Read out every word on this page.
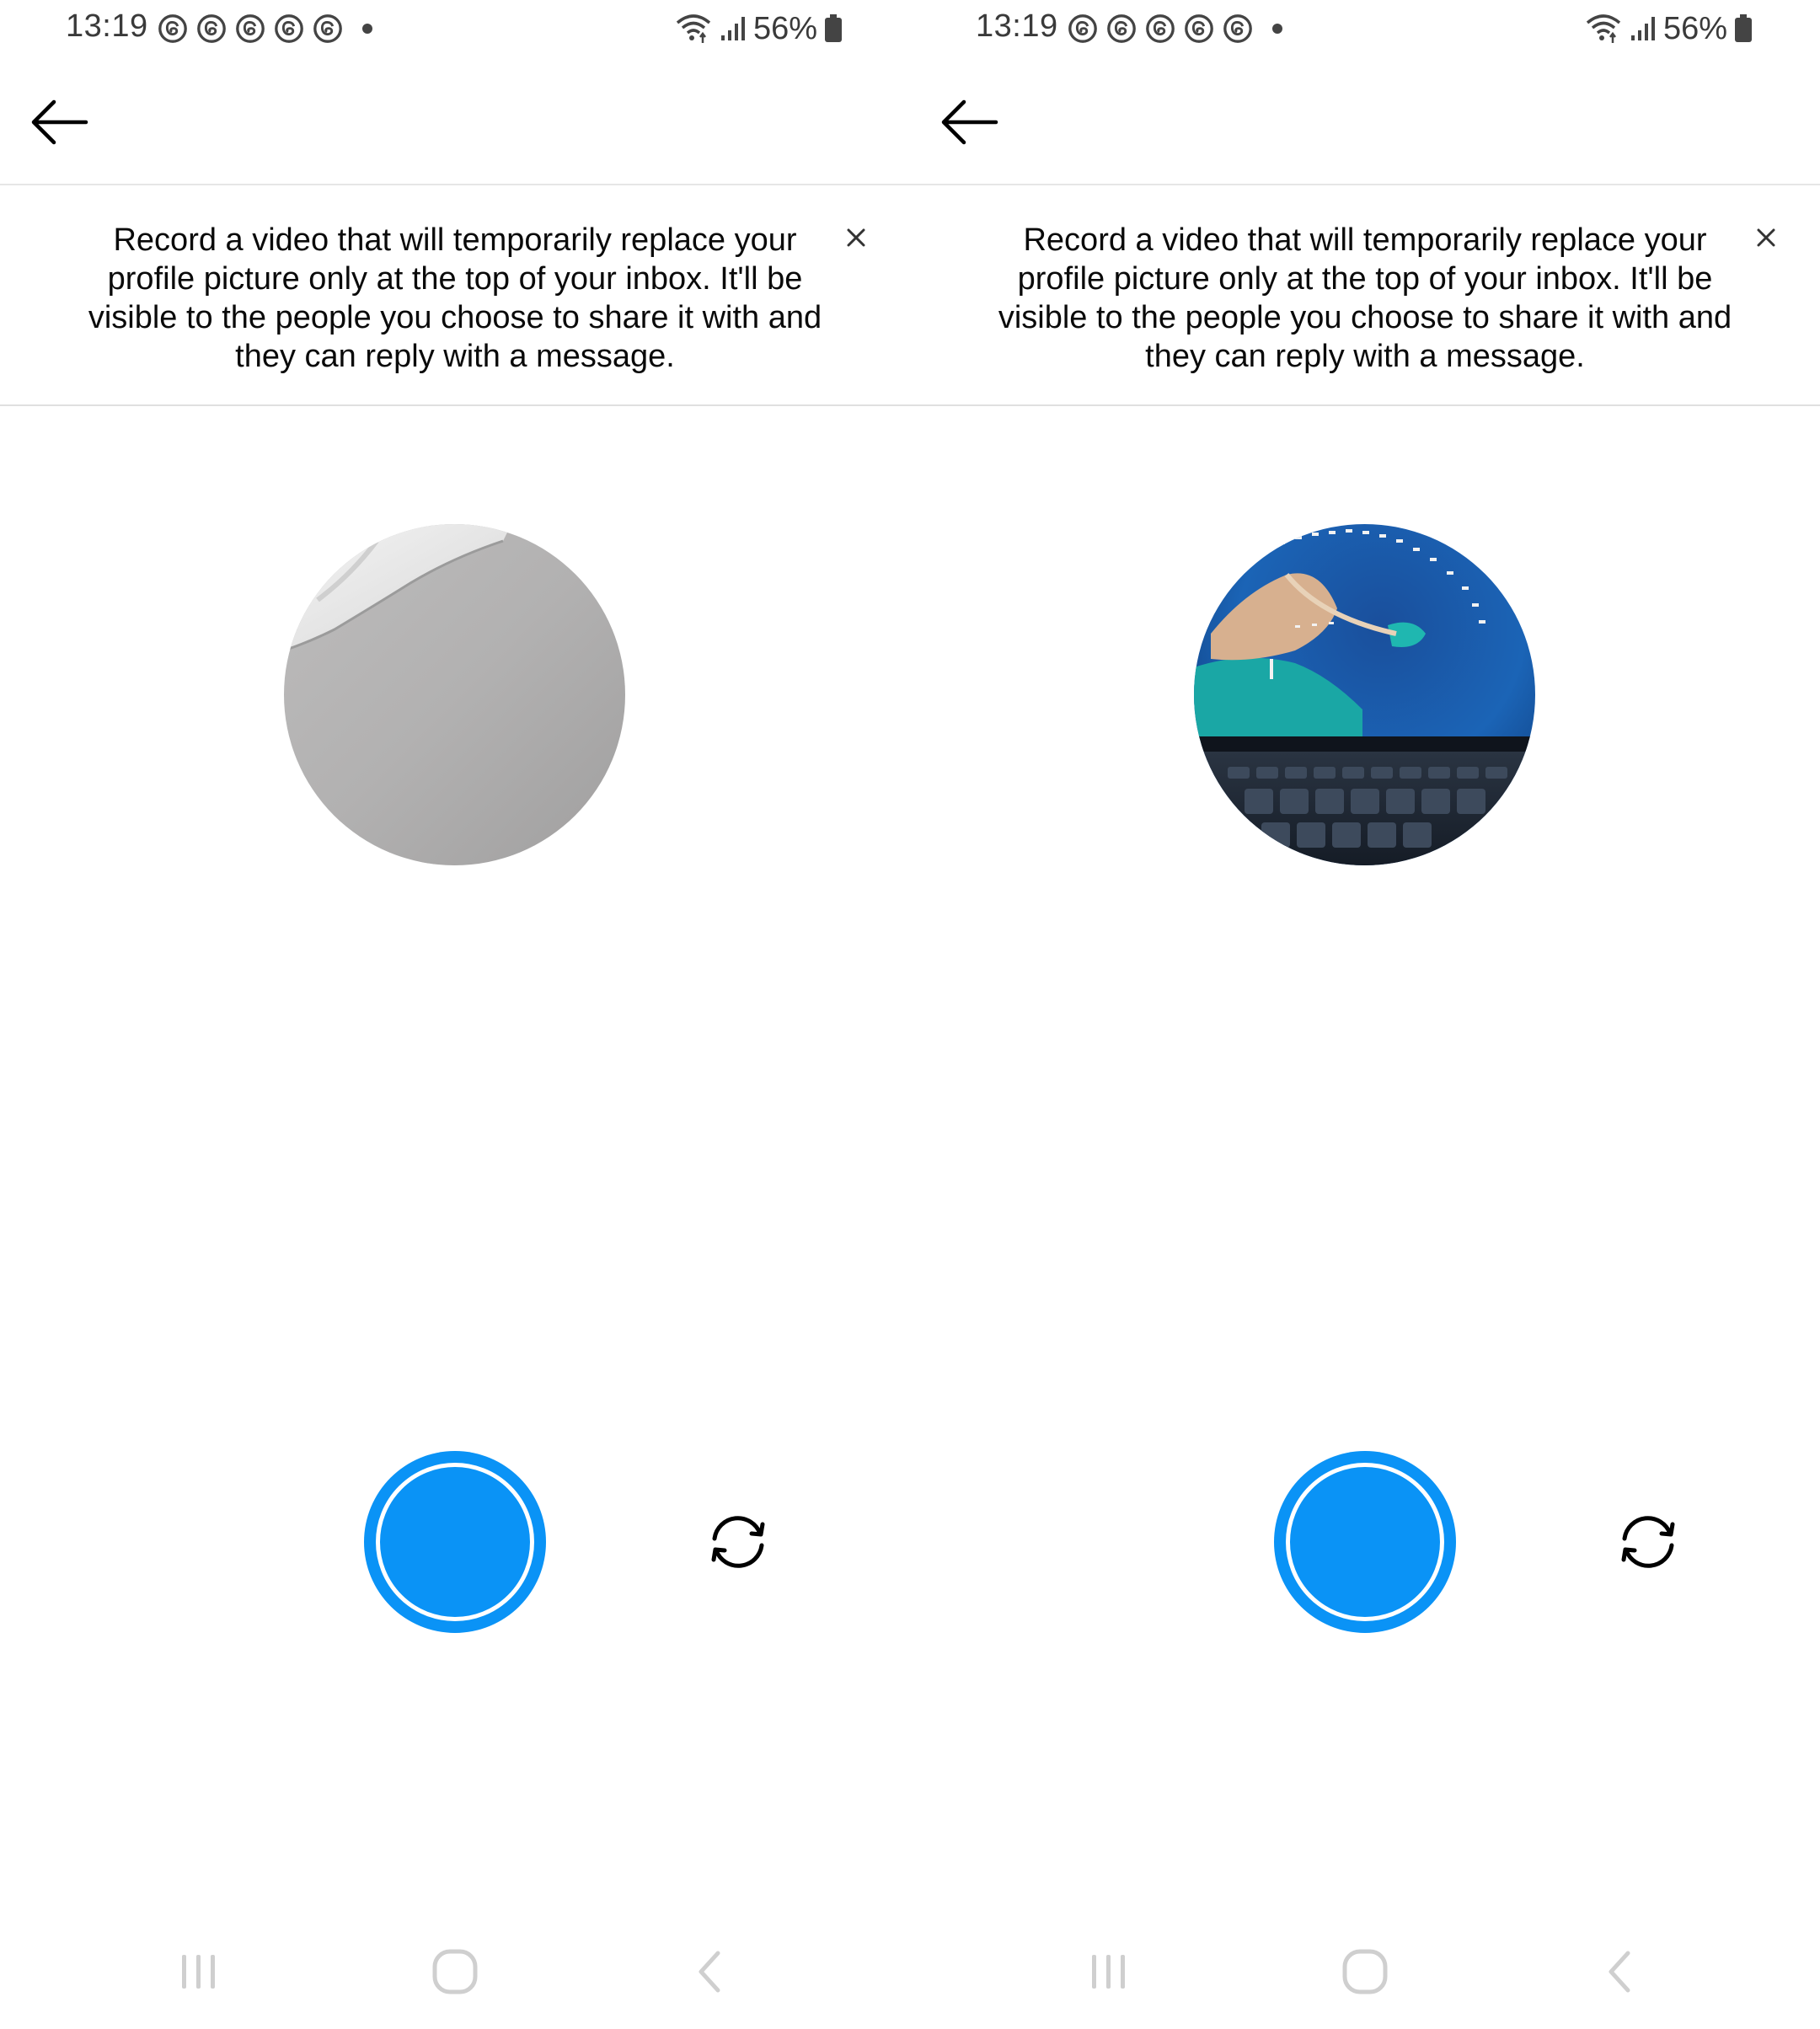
13:19	56%

Record a video that will temporarily replace your profile picture only at the top of your inbox. It'll be visible to the people you choose to share it with and they can reply with a message.

13:19	56%

Record a video that will temporarily replace your profile picture only at the top of your inbox. It'll be visible to the people you choose to share it with and they can reply with a message.
